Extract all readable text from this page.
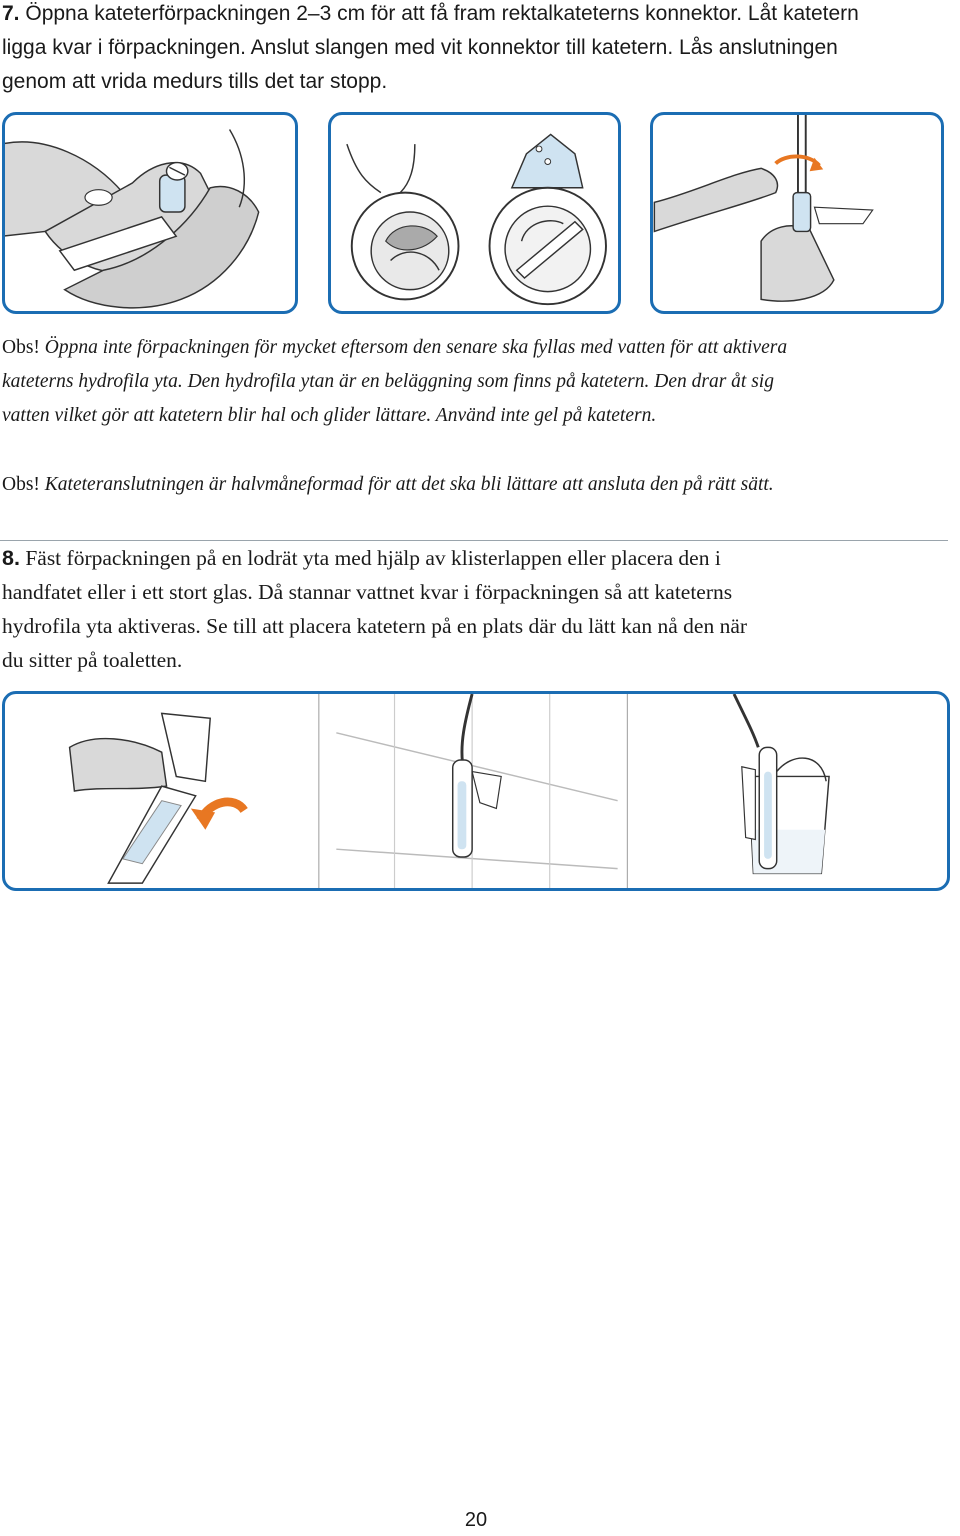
7. Öppna kateterförpackningen 2–3 cm för att få fram rektalkateterns konnektor. Låt katetern
ligga kvar i förpackningen. Anslut slangen med vit konnektor till katetern. Lås anslutningen
genom att vrida medurs tills det tar stopp.

Obs! Öppna inte förpackningen för mycket eftersom den senare ska fyllas med vatten för att aktivera
kateterns hydrofila yta. Den hydrofila ytan är en beläggning som finns på katetern. Den drar åt sig
vatten vilket gör att katetern blir hal och glider lättare. Använd inte gel på katetern.

Obs! Kateteranslutningen är halvmåneformad för att det ska bli lättare att ansluta den på rätt sätt.

8. Fäst förpackningen på en lodrät yta med hjälp av klisterlappen eller placera den i
handfatet eller i ett stort glas. Då stannar vattnet kvar i förpackningen så att kateterns
hydrofila yta aktiveras. Se till att placera katetern på en plats där du lätt kan nå den när
du sitter på toaletten.

20
